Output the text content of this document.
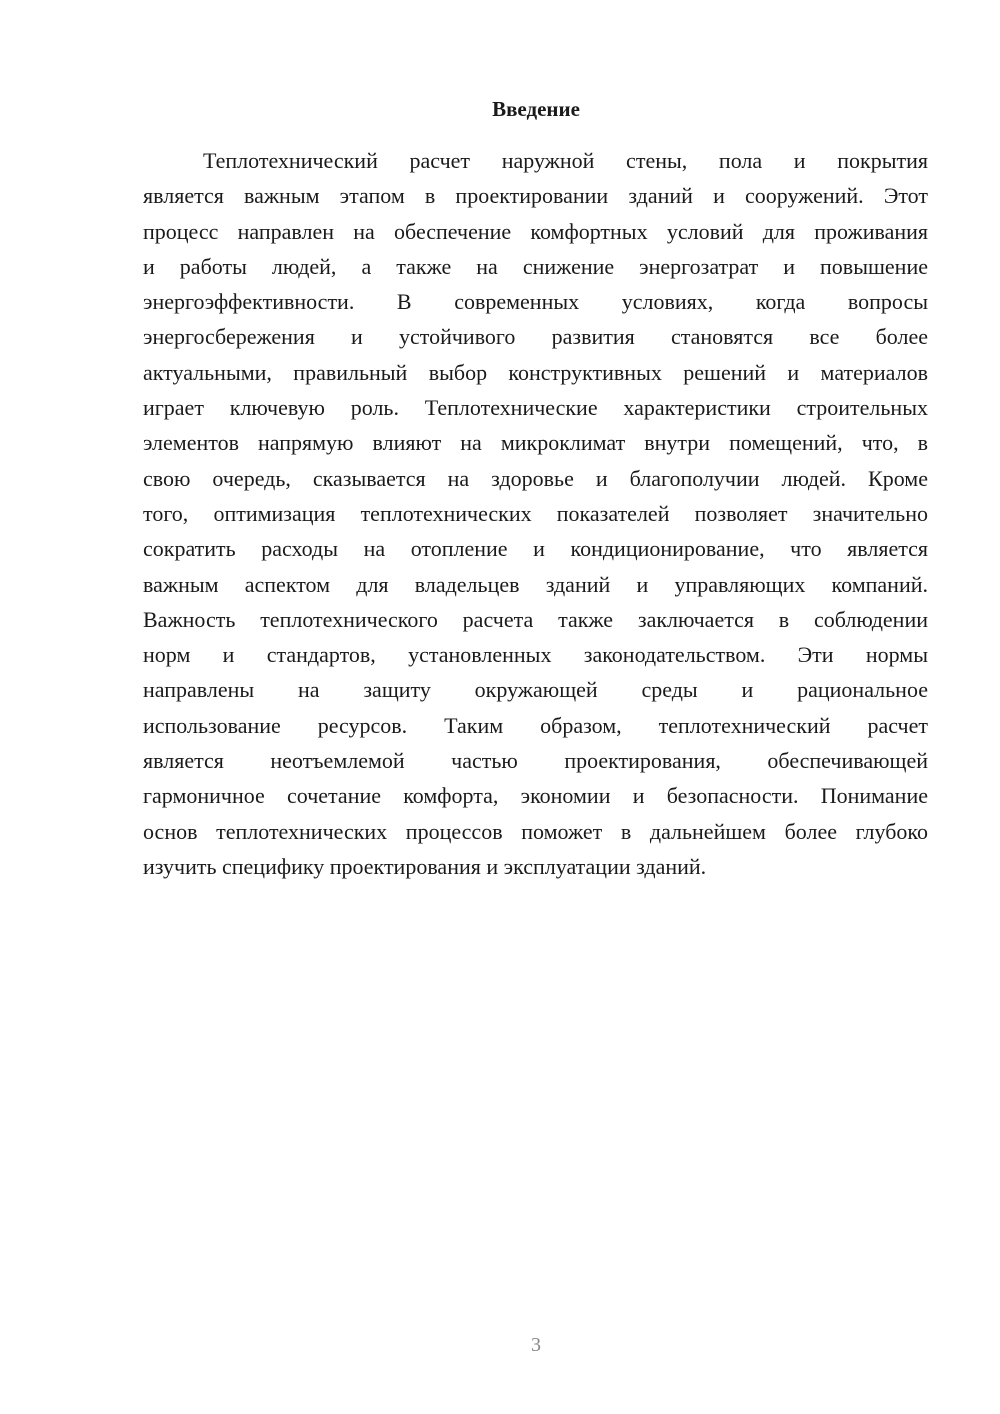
Введение
Теплотехнический расчет наружной стены, пола и покрытия
является важным этапом в проектировании зданий и сооружений. Этот
процесс направлен на обеспечение комфортных условий для проживания
и работы людей, а также на снижение энергозатрат и повышение
энергоэффективности. В современных условиях, когда вопросы
энергосбережения и устойчивого развития становятся все более
актуальными, правильный выбор конструктивных решений и материалов
играет ключевую роль. Теплотехнические характеристики строительных
элементов напрямую влияют на микроклимат внутри помещений, что, в
свою очередь, сказывается на здоровье и благополучии людей. Кроме
того, оптимизация теплотехнических показателей позволяет значительно
сократить расходы на отопление и кондиционирование, что является
важным аспектом для владельцев зданий и управляющих компаний.
Важность теплотехнического расчета также заключается в соблюдении
норм и стандартов, установленных законодательством. Эти нормы
направлены на защиту окружающей среды и рациональное
использование ресурсов. Таким образом, теплотехнический расчет
является неотъемлемой частью проектирования, обеспечивающей
гармоничное сочетание комфорта, экономии и безопасности. Понимание
основ теплотехнических процессов поможет в дальнейшем более глубоко
изучить специфику проектирования и эксплуатации зданий.
3
